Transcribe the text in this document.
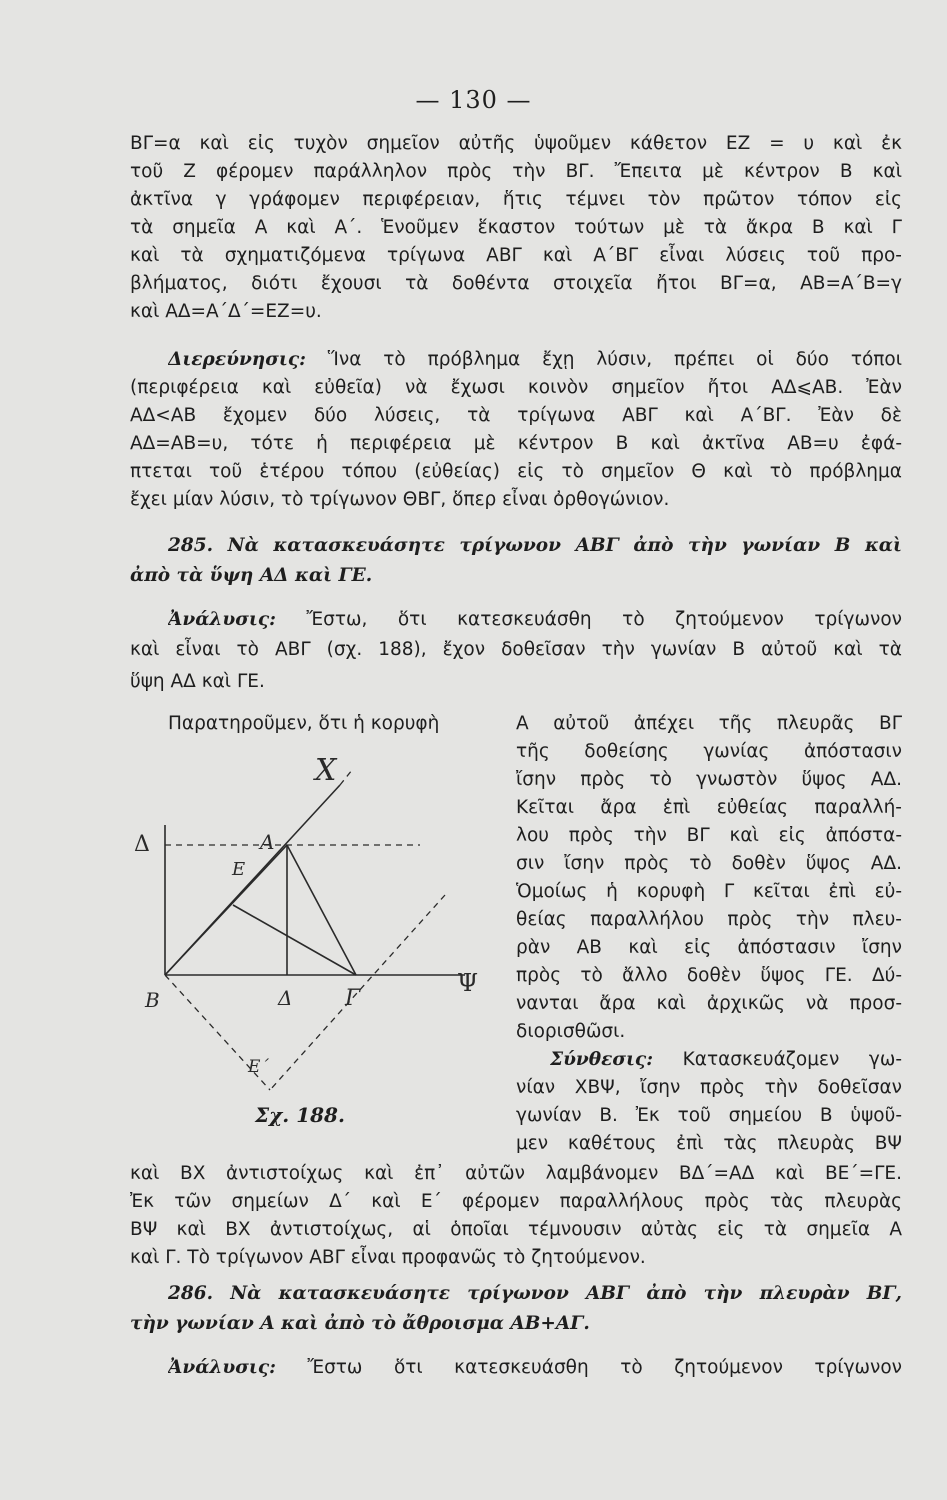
— 130 —
ΒΓ=α καὶ εἰς τυχὸν σημεῖον αὐτῆς ὑψοῦμεν κάθετον ΕΖ = υ καὶ ἐκ
τοῦ Ζ φέρομεν παράλληλον πρὸς τὴν ΒΓ. Ἔπειτα μὲ κέντρον Β καὶ
ἀκτῖνα γ γράφομεν περιφέρειαν, ἥτις τέμνει τὸν πρῶτον τόπον εἰς
τὰ σημεῖα Α καὶ Α΄. Ἑνοῦμεν ἕκαστον τούτων μὲ τὰ ἄκρα Β καὶ Γ
καὶ τὰ σχηματιζόμενα τρίγωνα ΑΒΓ καὶ Α΄ΒΓ εἶναι λύσεις τοῦ προ-
βλήματος, διότι ἔχουσι τὰ δοθέντα στοιχεῖα ἤτοι ΒΓ=α, ΑΒ=Α΄Β=γ
καὶ ΑΔ=Α΄Δ΄=ΕΖ=υ.
Διερεύνησις: Ἵνα τὸ πρόβλημα ἔχῃ λύσιν, πρέπει οἱ δύο τόποι
(περιφέρεια καὶ εὐθεῖα) νὰ ἔχωσι κοινὸν σημεῖον ἤτοι ΑΔ⩽ΑΒ. Ἐὰν
ΑΔ<ΑΒ ἔχομεν δύο λύσεις, τὰ τρίγωνα ΑΒΓ καὶ Α΄ΒΓ. Ἐὰν δὲ
ΑΔ=ΑΒ=υ, τότε ἡ περιφέρεια μὲ κέντρον Β καὶ ἀκτῖνα ΑΒ=υ ἐφά-
πτεται τοῦ ἑτέρου τόπου (εὐθείας) εἰς τὸ σημεῖον Θ καὶ τὸ πρόβλημα
ἔχει μίαν λύσιν, τὸ τρίγωνον ΘΒΓ, ὅπερ εἶναι ὀρθογώνιον.
285. Νὰ κατασκευάσητε τρίγωνον ΑΒΓ ἀπὸ τὴν γωνίαν Β καὶ
ἀπὸ τὰ ὕψη ΑΔ καὶ ΓΕ.
Ἀνάλυσις: Ἔστω, ὅτι κατεσκευάσθη τὸ ζητούμενον τρίγωνον
καὶ εἶναι τὸ ΑΒΓ (σχ. 188), ἔχον δοθεῖσαν τὴν γωνίαν Β αὐτοῦ καὶ τὰ
ὕψη ΑΔ καὶ ΓΕ.
Παρατηροῦμεν, ὅτι ἡ κορυφὴ	Α αὐτοῦ ἀπέχει τῆς πλευρᾶς ΒΓ
τῆς δοθείσης γωνίας ἀπόστασιν
ἴσην πρὸς τὸ γνωστὸν ὕψος ΑΔ.
Κεῖται ἄρα ἐπὶ εὐθείας παραλλή-
λου πρὸς τὴν ΒΓ καὶ εἰς ἀπόστα-
σιν ἴσην πρὸς τὸ δοθὲν ὕψος ΑΔ.
Ὁμοίως ἡ κορυφὴ Γ κεῖται ἐπὶ εὐ-
θείας παραλλήλου πρὸς τὴν πλευ-
ρὰν ΑΒ καὶ εἰς ἀπόστασιν ἴσην
πρὸς τὸ ἄλλο δοθὲν ὕψος ΓΕ. Δύ-
νανται ἄρα καὶ ἀρχικῶς νὰ προσ-
διορισθῶσι.
Σύνθεσις: Κατασκευάζομεν γω-
νίαν ΧΒΨ, ἴσην πρὸς τὴν δοθεῖσαν
γωνίαν Β. Ἐκ τοῦ σημείου Β ὑψοῦ-
μεν καθέτους ἐπὶ τὰς πλευρὰς ΒΨ
Χ
Ψ
Δ	Α
Ε
Β	Δ Γ
Ε΄
Σχ. 188.
καὶ ΒΧ ἀντιστοίχως καὶ ἐπ᾽ αὐτῶν λαμβάνομεν ΒΔ΄=ΑΔ καὶ ΒΕ΄=ΓΕ.
Ἐκ τῶν σημείων Δ΄ καὶ Ε΄ φέρομεν παραλλήλους πρὸς τὰς πλευρὰς
ΒΨ καὶ ΒΧ ἀντιστοίχως, αἱ ὁποῖαι τέμνουσιν αὐτὰς εἰς τὰ σημεῖα Α
καὶ Γ. Τὸ τρίγωνον ΑΒΓ εἶναι προφανῶς τὸ ζητούμενον.
286. Νὰ κατασκευάσητε τρίγωνον ΑΒΓ ἀπὸ τὴν πλευρὰν ΒΓ,
τὴν γωνίαν Α καὶ ἀπὸ τὸ ἄθροισμα ΑΒ+ΑΓ.
Ἀνάλυσις: Ἔστω ὅτι κατεσκευάσθη τὸ ζητούμενον τρίγωνον
